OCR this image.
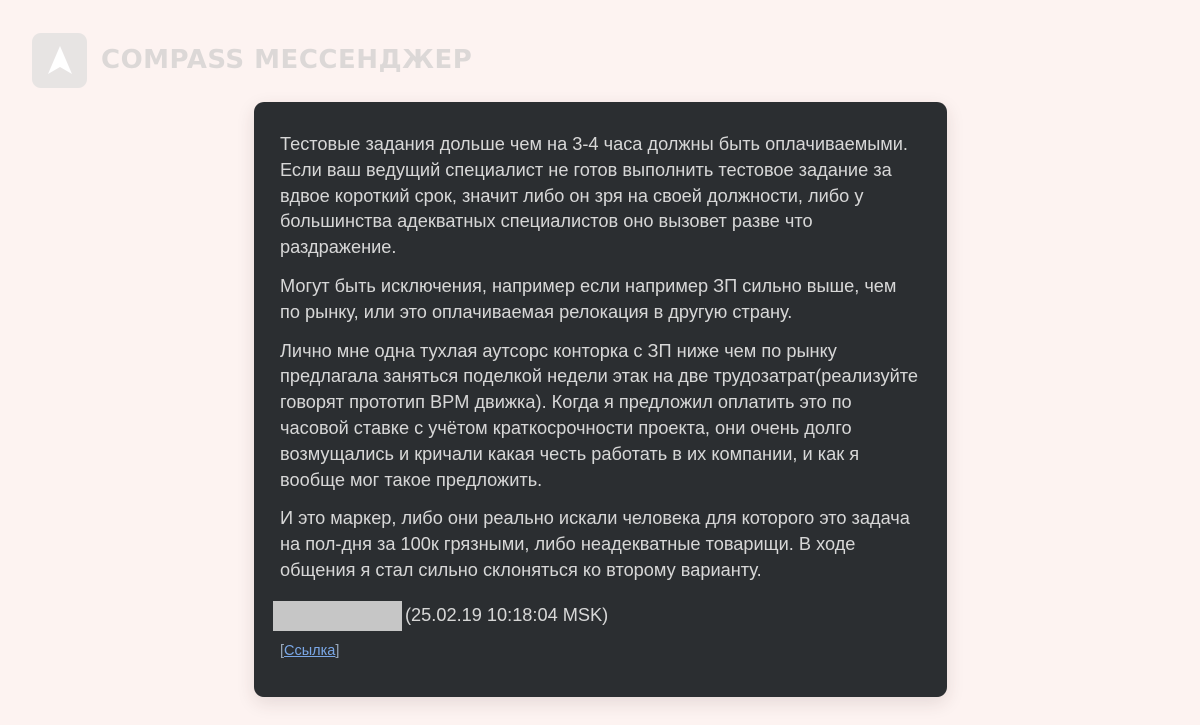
COMPASS МЕССЕНДЖЕР

Тестовые задания дольше чем на 3-4 часа должны быть оплачиваемыми. Если ваш ведущий специалист не готов выполнить тестовое задание за вдвое короткий срок, значит либо он зря на своей должности, либо у большинства адекватных специалистов оно вызовет разве что раздражение.

Могут быть исключения, например если например ЗП сильно выше, чем по рынку, или это оплачиваемая релокация в другую страну.

Лично мне одна тухлая аутсорс конторка с ЗП ниже чем по рынку предлагала заняться поделкой недели этак на две трудозатрат(реализуйте говорят прототип BPM движка). Когда я предложил оплатить это по часовой ставке с учётом краткосрочности проекта, они очень долго возмущались и кричали какая честь работать в их компании, и как я вообще мог такое предложить.

И это маркер, либо они реально искали человека для которого это задача на пол-дня за 100к грязными, либо неадекватные товарищи. В ходе общения я стал сильно склоняться ко второму варианту.

(25.02.19 10:18:04 MSK)
[Ссылка]
